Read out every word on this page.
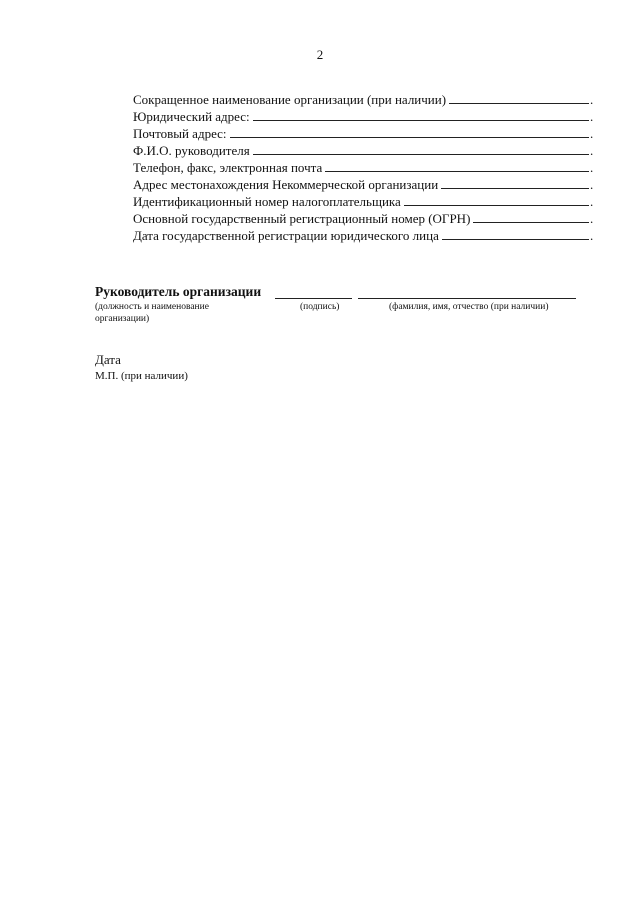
2
Сокращенное наименование организации (при наличии)	.
Юридический адрес:	.
Почтовый адрес:	.
Ф.И.О. руководителя	.
Телефон, факс, электронная почта	.
Адрес местонахождения Некоммерческой организации	.
Идентификационный номер налогоплательщика	.
Основной государственный регистрационный номер (ОГРН)	.
Дата государственной регистрации юридического лица	.
Руководитель организации
(должность и наименование организации)
(подпись)	(фамилия, имя, отчество (при наличии)
Дата
М.П. (при наличии)
